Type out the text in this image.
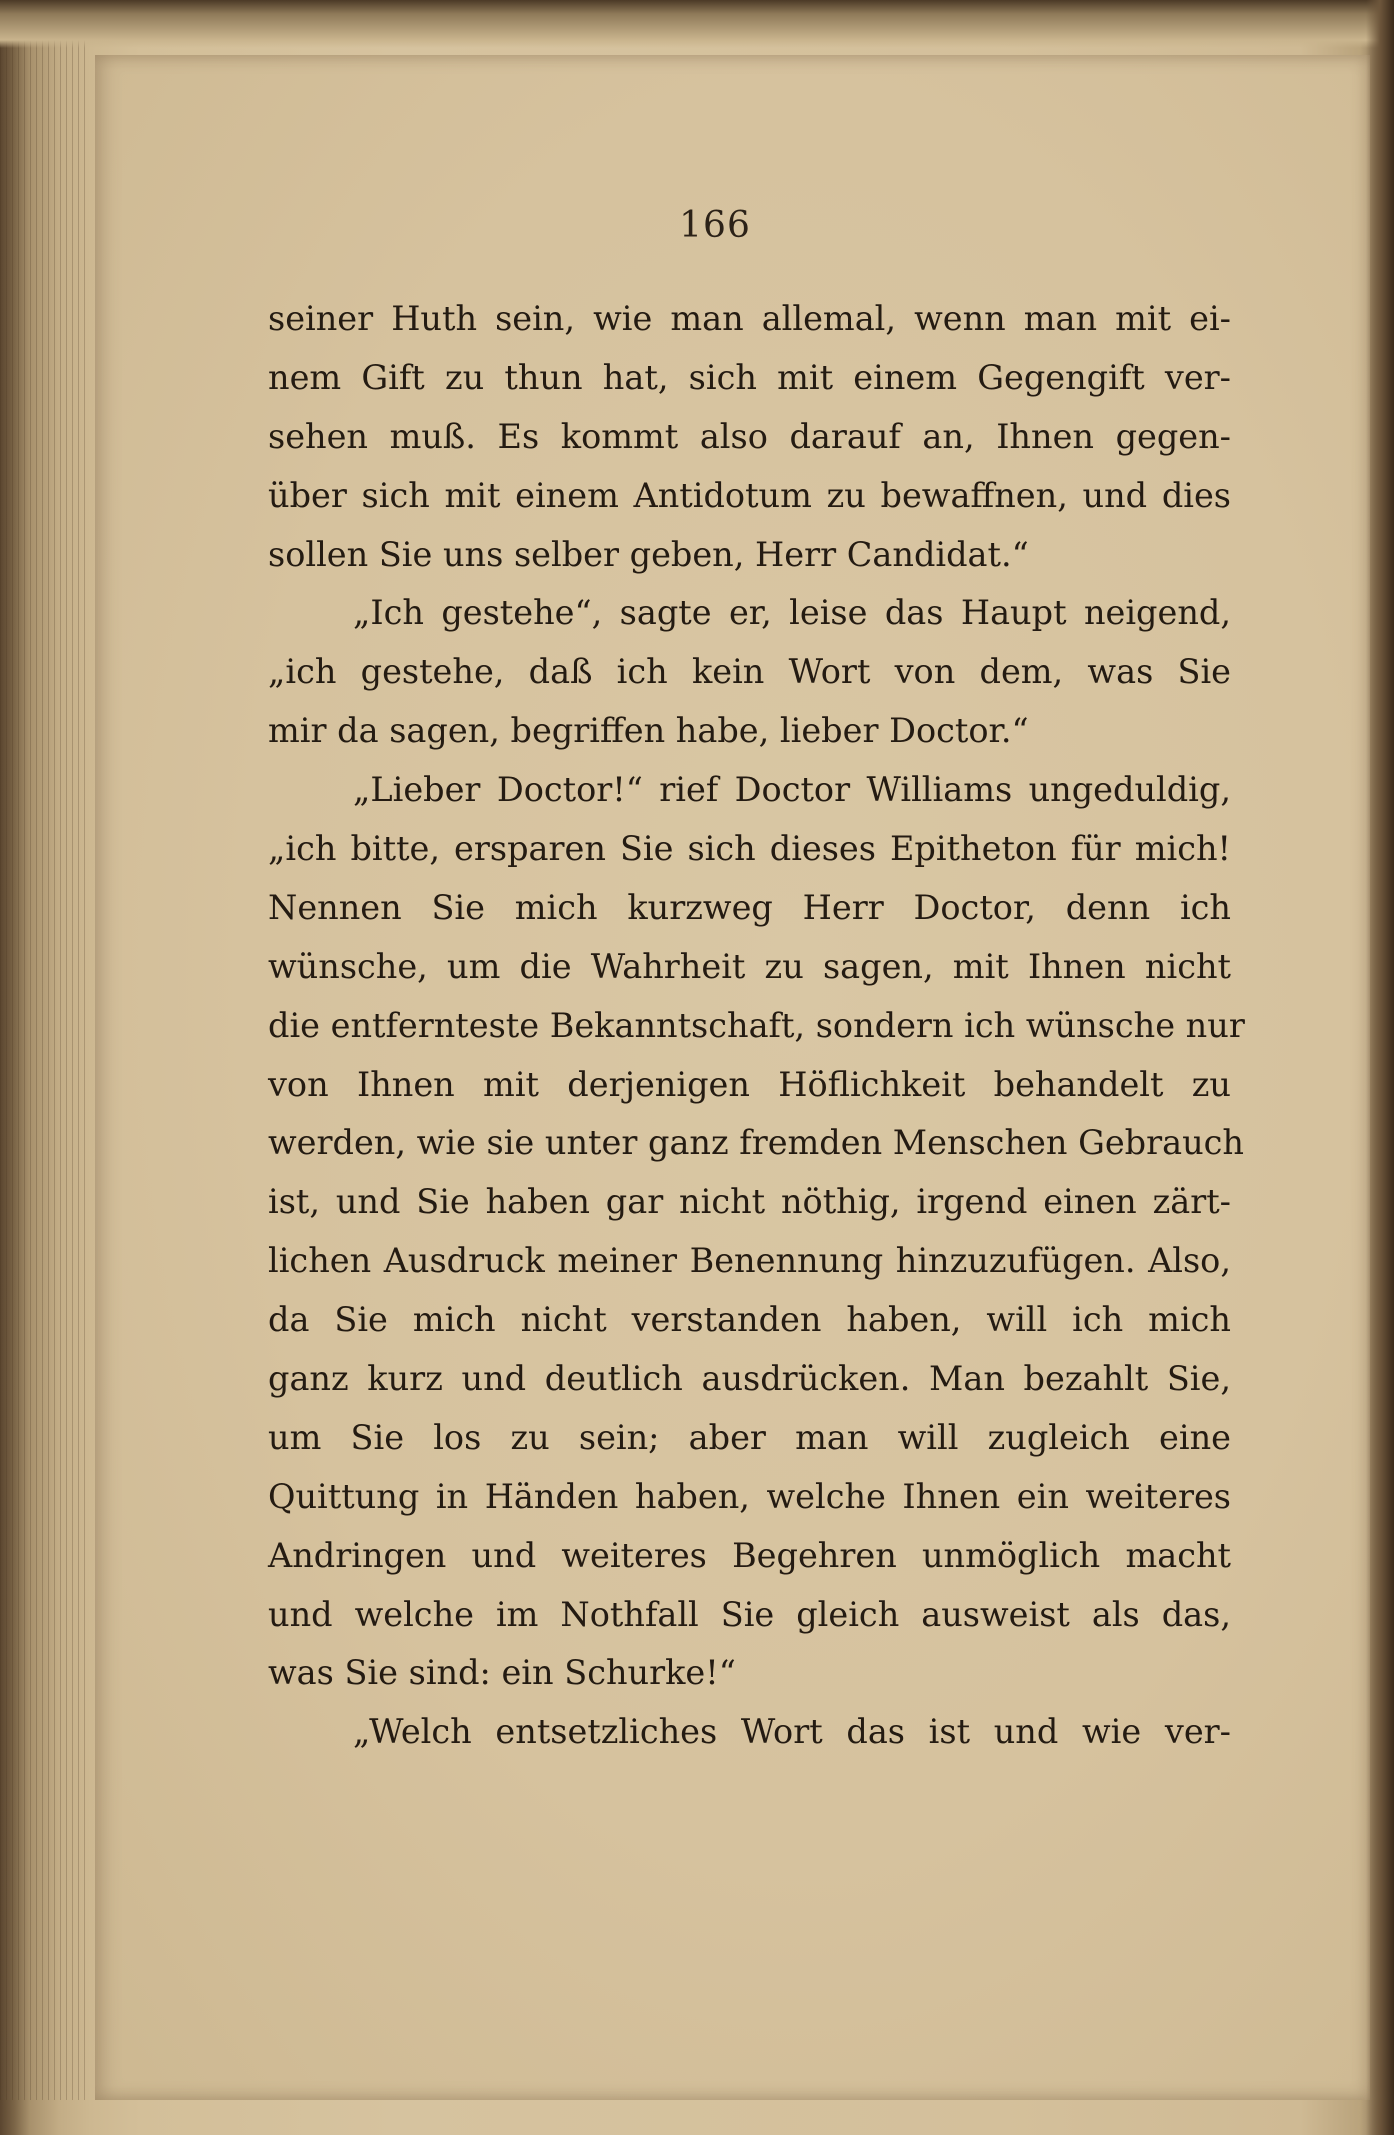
166
seiner Huth sein, wie man allemal, wenn man mit ei-
nem Gift zu thun hat, sich mit einem Gegengift ver-
sehen muß. Es kommt also darauf an, Ihnen gegen-
über sich mit einem Antidotum zu bewaffnen, und dies
sollen Sie uns selber geben, Herr Candidat.“
„Ich gestehe“, sagte er, leise das Haupt neigend,
„ich gestehe, daß ich kein Wort von dem, was Sie
mir da sagen, begriffen habe, lieber Doctor.“
„Lieber Doctor!“ rief Doctor Williams ungeduldig,
„ich bitte, ersparen Sie sich dieses Epitheton für mich!
Nennen Sie mich kurzweg Herr Doctor, denn ich
wünsche, um die Wahrheit zu sagen, mit Ihnen nicht
die entfernteste Bekanntschaft, sondern ich wünsche nur
von Ihnen mit derjenigen Höflichkeit behandelt zu
werden, wie sie unter ganz fremden Menschen Gebrauch
ist, und Sie haben gar nicht nöthig, irgend einen zärt-
lichen Ausdruck meiner Benennung hinzuzufügen. Also,
da Sie mich nicht verstanden haben, will ich mich
ganz kurz und deutlich ausdrücken. Man bezahlt Sie,
um Sie los zu sein; aber man will zugleich eine
Quittung in Händen haben, welche Ihnen ein weiteres
Andringen und weiteres Begehren unmöglich macht
und welche im Nothfall Sie gleich ausweist als das,
was Sie sind: ein Schurke!“
„Welch entsetzliches Wort das ist und wie ver-
